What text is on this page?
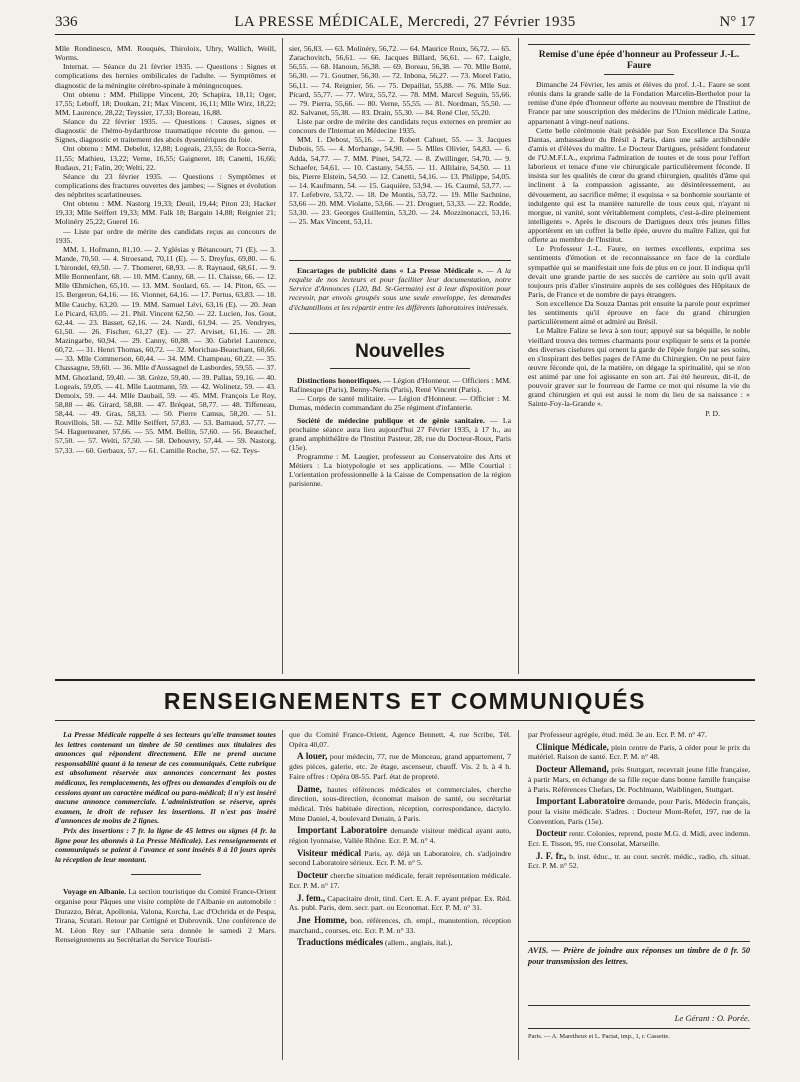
336	LA PRESSE MÉDICALE, Mercredi, 27 Février 1935	N° 17

Mlle Rondinesco, MM. Rouquès, Thiroloix, Uhry, Wallich, Weill, Worms.

Internat. — Séance du 21 février 1935. — Questions : Signes et complications des hernies ombilicales de l'adulte. — Symptômes et diagnostic de la méningite cérébro-spinale à méningocoques.

Ont obtenu : MM. Philippe Vincent, 20; Schapira, 18,11; Oger, 17,55; Leboff, 18; Doukan, 21; Max Vincent, 16,11; Mlle Wirz, 18,22; MM. Laurence, 28,22; Teyssier, 17,33; Boreau, 16,88.

Séance du 22 février 1935. — Questions : Causes, signes et diagnostic de l'hémo-hydarthrose traumatique récente du genou. — Signes, diagnostic et traitement des abcès dysentériques du foie.

Ont obtenu : MM. Debelut, 12,88; Logeais, 23,55; de Rocca-Serra, 11,55; Mathieu, 13,22; Verne, 16,55; Gaigneret, 18; Canetti, 16,66; Rudaux, 21; Falin, 20; Welti, 22.

Séance du 23 février 1935. — Questions : Symptômes et complications des fractures ouvertes des jambes; — Signes et évolution des néphrites scarlatineuses.

Ont obtenu : MM. Nastorg 19,33; Deuil, 19,44; Piton 23; Hacker 19,33; Mlle Seiffert 19,33; MM. Falk 18; Bargain 14,88; Reignier 21; Molinéry 25,22; Guerel 16.

— Liste par ordre de mérite des candidats reçus au concours de 1935.

MM. 1. Hofmann, 81,10. — 2. Yglésias y Bétancourt, 71 (E). — 3. Mande, 70,50. — 4. Stroesand, 70,11 (E). — 5. Dreyfus, 69,80. — 6. L'hirondel, 69,50. — 7. Thomeret, 68,93. — 8. Raynaud, 68,61. — 9. Mlle Bonnenfant, 68. — 10. MM. Canny, 68. — 11. Claisse, 66. — 12. Mlle Œhmichen, 65,10. — 13. MM. Soulard, 65. — 14. Piton, 65. — 15. Bergeron, 64,16. — 16. Vionnet, 64,16. — 17. Pertus, 63,83. — 18. Mlle Cauchy, 63,20. — 19. MM. Samuel Lévi, 63,16 (E). — 20. Jean Le Picard, 63,05. — 21. Phil. Vincent 62,50. — 22. Lucien, Jos. Gout, 62,44. — 23. Basset, 62,16. — 24. Nardi, 61,94. — 25. Vendryes, 61,50. — 26. Fischer, 61,27 (E). — 27. Arviset, 61,16. — 28. Mazingarbe, 60,94. — 29. Canny, 60,88. — 30. Gabriel Laurence, 60,72. — 31. Henri Thomas, 60,72. — 32. Morichau-Beauchant, 60,66. — 33. Mlle Commerson, 60,44. — 34. MM. Champeau, 60,22. — 35. Chassagne, 59,60. — 36. Mlle d'Aussagnel de Lasbordes, 59,55. — 37. MM. Ghozland, 59,40. — 38. Grèze, 59,40. — 39. Pallas, 59,16. — 40. Logeais, 59,05. — 41. Mlle Lautmann, 59. — 42. Wolinetz, 59. — 43. Demoix, 59. — 44. Mlle Daubail, 59. — 45. MM. François Le Roy, 58,88 — 46. Girard, 58,88. — 47. Bréqeat, 58,77. — 48. Tiffeneau, 58,44. — 49. Gras, 58,33. — 50. Pierre Camus, 58,20. — 51. Rouvillois, 58. — 52. Mlle Seiffert, 57,83. — 53. Barnaud, 57,77. — 54. Hagueneaner, 57,66. — 55. MM. Bellin, 57,60. — 56. Beauchef, 57,50. — 57. Welti, 57,50. — 58. Debouvry, 57,44. — 59. Nastorg, 57,33. — 60. Gerbaux, 57. — 61. Camille Roche, 57. — 62. Teys-

sier, 56,83. — 63. Molinéry, 56,72. — 64. Maurice Roux, 56,72. — 65. Zarachovitch, 56,61. — 66. Jacques Billard, 56,61. — 67. Laigle, 56,55. — 68. Hanoun, 56,38. — 69. Boreau, 56,38. — 70. Mlle Botté, 56,30. — 71. Goutner, 56,30. — 72. Inbona, 56,27. — 73. Morel Fatio, 56,11. — 74. Reignier, 56. — 75. Depaillat, 55,88. — 76. Mlle Suz. Picard, 55,77. — 77. Wirz, 55,72. — 78. MM. Marcel Seguin, 55,66. — 79. Pierra, 55,66. — 80. Verne, 55,55. — 81. Nordman, 55,50. — 82. Salvanet, 55,38. — 83. Drain, 55,30. — 84. René Cler, 55,20.

Liste par ordre de mérite des candidats reçus externes en premier au concours de l'Internat en Médecine 1935.

MM. 1. Debost, 55,16. — 2. Robert Cahuet, 55. — 3. Jacques Dubois, 55. — 4. Morhange, 54,90. — 5. Mlles Olivier, 54,83. — 6. Adda, 54,77. — 7. MM. Pinet, 54,72. — 8. Zwillinger, 54,70. — 9. Schaefer, 54,61. — 10. Castany, 54,55. — 11. Allilaire, 54,50. — 11 bis, Pierre Elstein, 54,50. — 12. Canetti, 54,16. — 13. Philippe, 54,05. — 14. Kaufmann, 54. — 15. Gaquière, 53,94. — 16. Caumé, 53,77. — 17. Lefebvre, 53,72. — 18. De Montis, 53,72. — 19. Mlle Sachnine, 53,66 — 20. MM. Violatte, 53,66. — 21. Droguet, 53,33. — 22. Rodde, 53,30. — 23. Georges Guillemin, 53,20. — 24. Mozzinonacci, 53,16. — 25. Max Vincent, 53,11.

Encartages de publicité dans « La Presse Médicale ». — A la requête de nos lecteurs et pour faciliter leur documentation, notre Service d'Annonces (120, Bd. St-Germain) est à leur disposition pour recevoir, par envois groupés sous une seule enveloppe, les demandes d'échantillons et les répartir entre les différents laboratoires intéressés.

Nouvelles

Distinctions honorifiques. — Légion d'Honneur. — Officiers : MM. Rafinesque (Paris), Benny-Neris (Paris), René Vincent (Paris).

— Corps de santé militaire. — Légion d'Honneur. — Officier : M. Dumas, médecin commandant du 25e régiment d'infanterie.

Société de médecine publique et de génie sanitaire. — La prochaine séance aura lieu aujourd'hui 27 Février 1935, à 17 h., au grand amphithéâtre de l'Institut Pasteur, 28, rue du Docteur-Roux, Paris (15e).

Programme : M. Laugier, professeur au Conservatoire des Arts et Métiers : La biotypologie et ses applications. — Mlle Courtial : L'orientation professionnelle à la Caisse de Compensation de la région parisienne.

Remise d'une épée d'honneur au Professeur J.-L. Faure

Dimanche 24 Février, les amis et élèves du prof. J.-L. Faure se sont réunis dans la grande salle de la Fondation Marcelin-Berthelot pour la remise d'une épée d'honneur offerte au nouveau membre de l'Institut de France par une souscription des médecins de l'Union médicale Latine, appartenant à vingt-neuf nations.

Cette belle cérémonie était présidée par Son Excellence Da Souza Dantas, ambassadeur du Brésil à Paris, dans une salle archibondée d'amis et d'élèves du maître. Le Docteur Dartigues, président fondateur de l'U.M.F.I.A., exprima l'admiration de toutes et de tous pour l'effort laborieux et tenace d'une vie chirurgicale particulièrement féconde. Il insista sur les qualités de cœur du grand chirurgien, qualités d'âme qui inclinent à la compassion agissante, au désintéressement, au dévouement, au sacrifice même; il esquissa « sa bonhomie souriante et indulgente qui est la manière naturelle de tous ceux qui, n'ayant ni morgue, ni vanité, sont véritablement complets, c'est-à-dire pleinement intelligents ». Après le discours de Dartigues deux très jeunes filles apportèrent en un coffret la belle épée, œuvre du maître Falize, qui fut offerte au membre de l'Institut.

Le Professeur J.-L. Faure, en termes excellents, exprima ses sentiments d'émotion et de reconnaissance en face de la cordiale sympathie qui se manifestait une fois de plus en ce jour. Il indiqua qu'il devait une grande partie de ses succès de carrière au soin qu'il avait toujours pris d'aller s'instruire auprès de ses collègues des Hôpitaux de Paris, de France et de nombre de pays étrangers.

Son excellence Da Souza Dantas prit ensuite la parole pour exprimer les sentiments qu'il éprouve en face du grand chirurgien particulièrement aimé et admiré au Brésil.

Le Maître Falize se leva à son tour; appuyé sur sa béquille, le noble vieillard trouva des termes charmants pour expliquer le sens et la portée des diverses ciselures qui ornent la garde de l'épée forgée par ses soins, en s'inspirant des belles pages de l'Ame du Chirurgien. On ne peut faire œuvre féconde qui, de la matière, on dégage la spiritualité, qui se n'on est animé par une foi agissante en son art. J'ai été heureux, dit-il, de pouvoir graver sur le fourreau de l'arme ce mot qui résume la vie du grand chirurgien et qui est aussi le nom du lieu de sa naissance : « Sainte-Foy-la-Grande ».

P. D.

RENSEIGNEMENTS ET COMMUNIQUÉS

La Presse Médicale rappelle à ses lecteurs qu'elle transmet toutes les lettres contenant un timbre de 50 centimes aux titulaires des annonces qui répondent directement. Elle ne prend aucune responsabilité quant à la teneur de ces communiqués. Cette rubrique est absolument réservée aux annonces concernant les postes médicaux, les remplacements, les offres ou demandes d'emplois ou de cessions ayant un caractère médical ou para-médical; il n'y est inséré aucune annonce commerciale. L'administration se réserve, après examen, le droit de refuser les insertions. Il n'est pas inséré d'annonces de moins de 2 lignes.

Prix des insertions : 7 fr. la ligne de 45 lettres ou signes (4 fr. la ligne pour les abonnés à La Presse Médicale). Les renseignements et communiqués se paient à l'avance et sont insérés 8 à 10 jours après la réception de leur montant.

Voyage en Albanie. La section touristique du Comité France-Orient organise pour Pâques une visite complète de l'Albanie en automobile : Durazzo, Bérat, Apollonia, Valona, Korcha, Lac d'Ochrida et de Pespa, Tirana, Scutari. Retour par Cettigné et Dubrovnik. Une conférence de M. Léon Rey sur l'Albanie sera donnée le samedi 2 Mars. Renseignements au Secrétariat du Service Touristi-

que du Comité France-Orient, Agence Bennett, 4, rue Scribe, Tél. Opéra 40,07.

A louer, pour médecin, 77, rue de Monceau, grand appartement, 7 gdes pièces, galerie, etc. 2e étage, ascenseur, chauff. Vis. 2 h. à 4 h. Faire offres : Opéra 08-55. Parf. état de propreté.

Dame, hautes références médicales et commerciales, cherche direction, sous-direction, économat maison de santé, ou secrétariat médical. Très habituée direction, réception, correspondance, dactylo. Mme Daniel, 4, boulevard Denain, à Paris.

Important Laboratoire demande visiteur médical ayant auto, région lyonnaise, Vallée Rhône. Ecr. P. M. n° 4.

Visiteur médical Paris, ay. déjà un Laboratoire, ch. s'adjoindre second Laboratoire sérieux. Ecr. P. M. n° 5.

Docteur cherche situation médicale, ferait représentation médicale. Ecr. P. M. n° 17.

J. fem., Capacitaire droit, titul. Cert. E. A. F. ayant prépar. Ex. Réd. As. publ. Paris, dem. secr. part. ou Economat. Ecr. P. M. n° 31.

Jne Homme, bon. références, ch. empl., manutention, réception marchand., courses, etc. Ecr. P. M. n° 33.

Traductions médicales (allem., anglais, ital.),

par Professeur agrégée, étud. méd. 3e an. Ecr. P. M. n° 47.

Clinique Médicale, plein centre de Paris, à céder pour le prix du matériel. Raison de santé. Ecr. P. M. n° 48.

Docteur Allemand, près Stuttgart, recevrait jeune fille française, à partir Mars, en échange de sa fille reçue dans bonne famille française à Paris. Références Chefars, Dr. Pochlmann, Waiblingen, Stuttgart.

Important Laboratoire demande, pour Paris, Médecin français, pour la visite médicale. S'adres. : Docteur Mont-Refet, 197, rue de la Convention, Paris (15e).

Docteur rentr. Colonies, reprend, poste M.G. d. Midi, avec indemn. Ecr. E. Tisson, 95, rue Consolat, Marseille.

J. F. fr., b. inst. éduc., tr. au cour. secrét. médic., radio, ch. situat. Ecr. P. M. n° 52.

AVIS. — Prière de joindre aux réponses un timbre de 0 fr. 50 pour transmission des lettres.
Le Gérant : O. Porée.
Paris. — A. Maretheux et L. Pactat, imp., 1, r. Cassette.
